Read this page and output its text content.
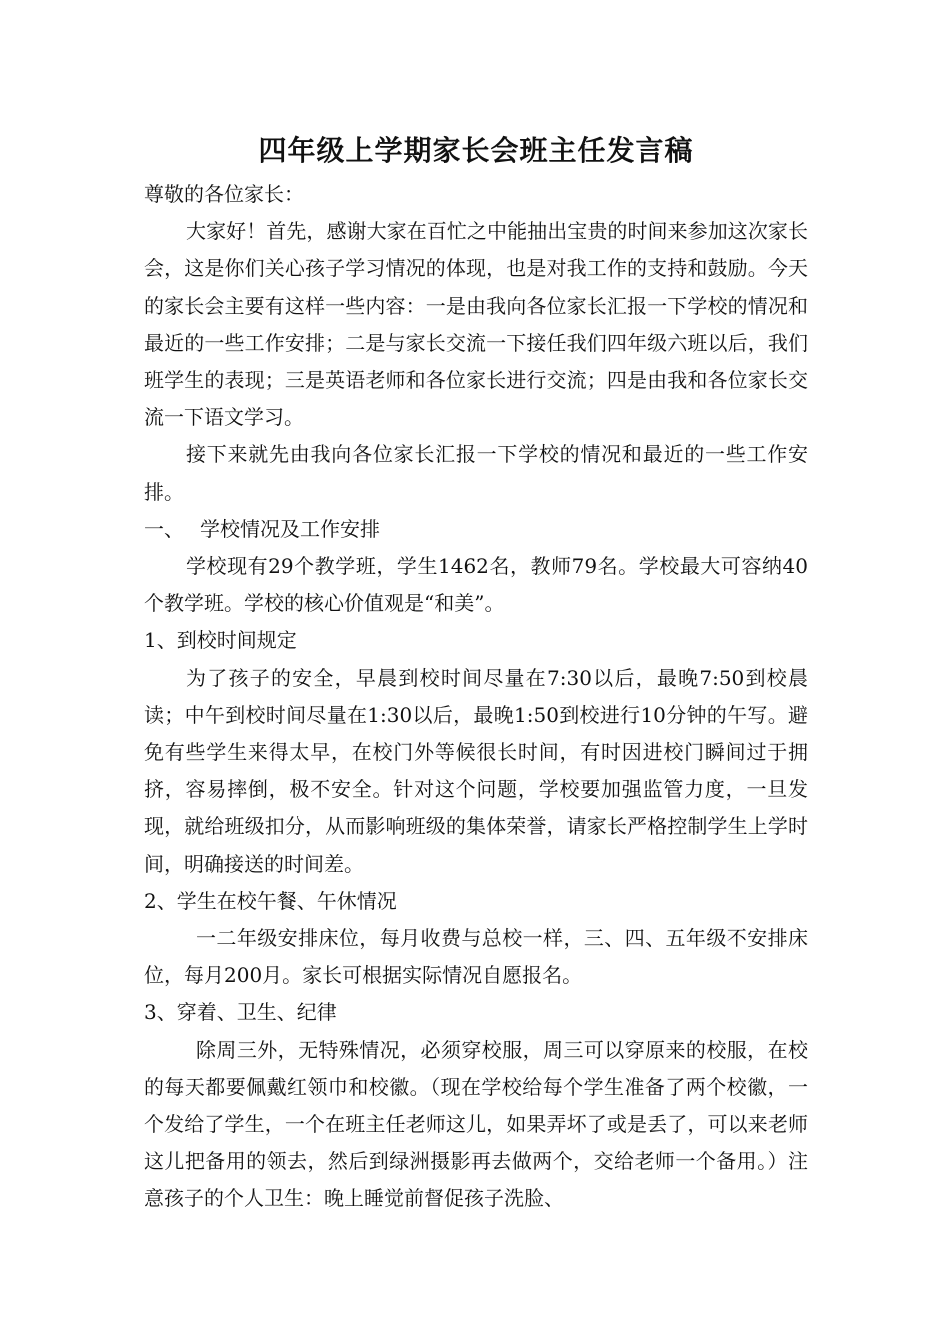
四年级上学期家长会班主任发言稿

尊敬的各位家长：

大家好！首先，感谢大家在百忙之中能抽出宝贵的时间来参加这次家长会，这是你们关心孩子学习情况的体现，也是对我工作的支持和鼓励。今天的家长会主要有这样一些内容：一是由我向各位家长汇报一下学校的情况和最近的一些工作安排；二是与家长交流一下接任我们四年级六班以后，我们班学生的表现；三是英语老师和各位家长进行交流；四是由我和各位家长交流一下语文学习。

接下来就先由我向各位家长汇报一下学校的情况和最近的一些工作安排。

一、 学校情况及工作安排

学校现有29个教学班，学生1462名，教师79名。学校最大可容纳40个教学班。学校的核心价值观是“和美”。

1、到校时间规定

为了孩子的安全，早晨到校时间尽量在7:30以后，最晚7:50到校晨读；中午到校时间尽量在1:30以后，最晚1:50到校进行10分钟的午写。避免有些学生来得太早，在校门外等候很长时间，有时因进校门瞬间过于拥挤，容易摔倒，极不安全。针对这个问题，学校要加强监管力度，一旦发现，就给班级扣分，从而影响班级的集体荣誉，请家长严格控制学生上学时间，明确接送的时间差。

2、学生在校午餐、午休情况

一二年级安排床位，每月收费与总校一样，三、四、五年级不安排床位，每月200月。家长可根据实际情况自愿报名。

3、穿着、卫生、纪律

除周三外，无特殊情况，必须穿校服，周三可以穿原来的校服，在校的每天都要佩戴红领巾和校徽。（现在学校给每个学生准备了两个校徽，一个发给了学生，一个在班主任老师这儿，如果弄坏了或是丢了，可以来老师这儿把备用的领去，然后到绿洲摄影再去做两个，交给老师一个备用。）注意孩子的个人卫生：晚上睡觉前督促孩子洗脸、
